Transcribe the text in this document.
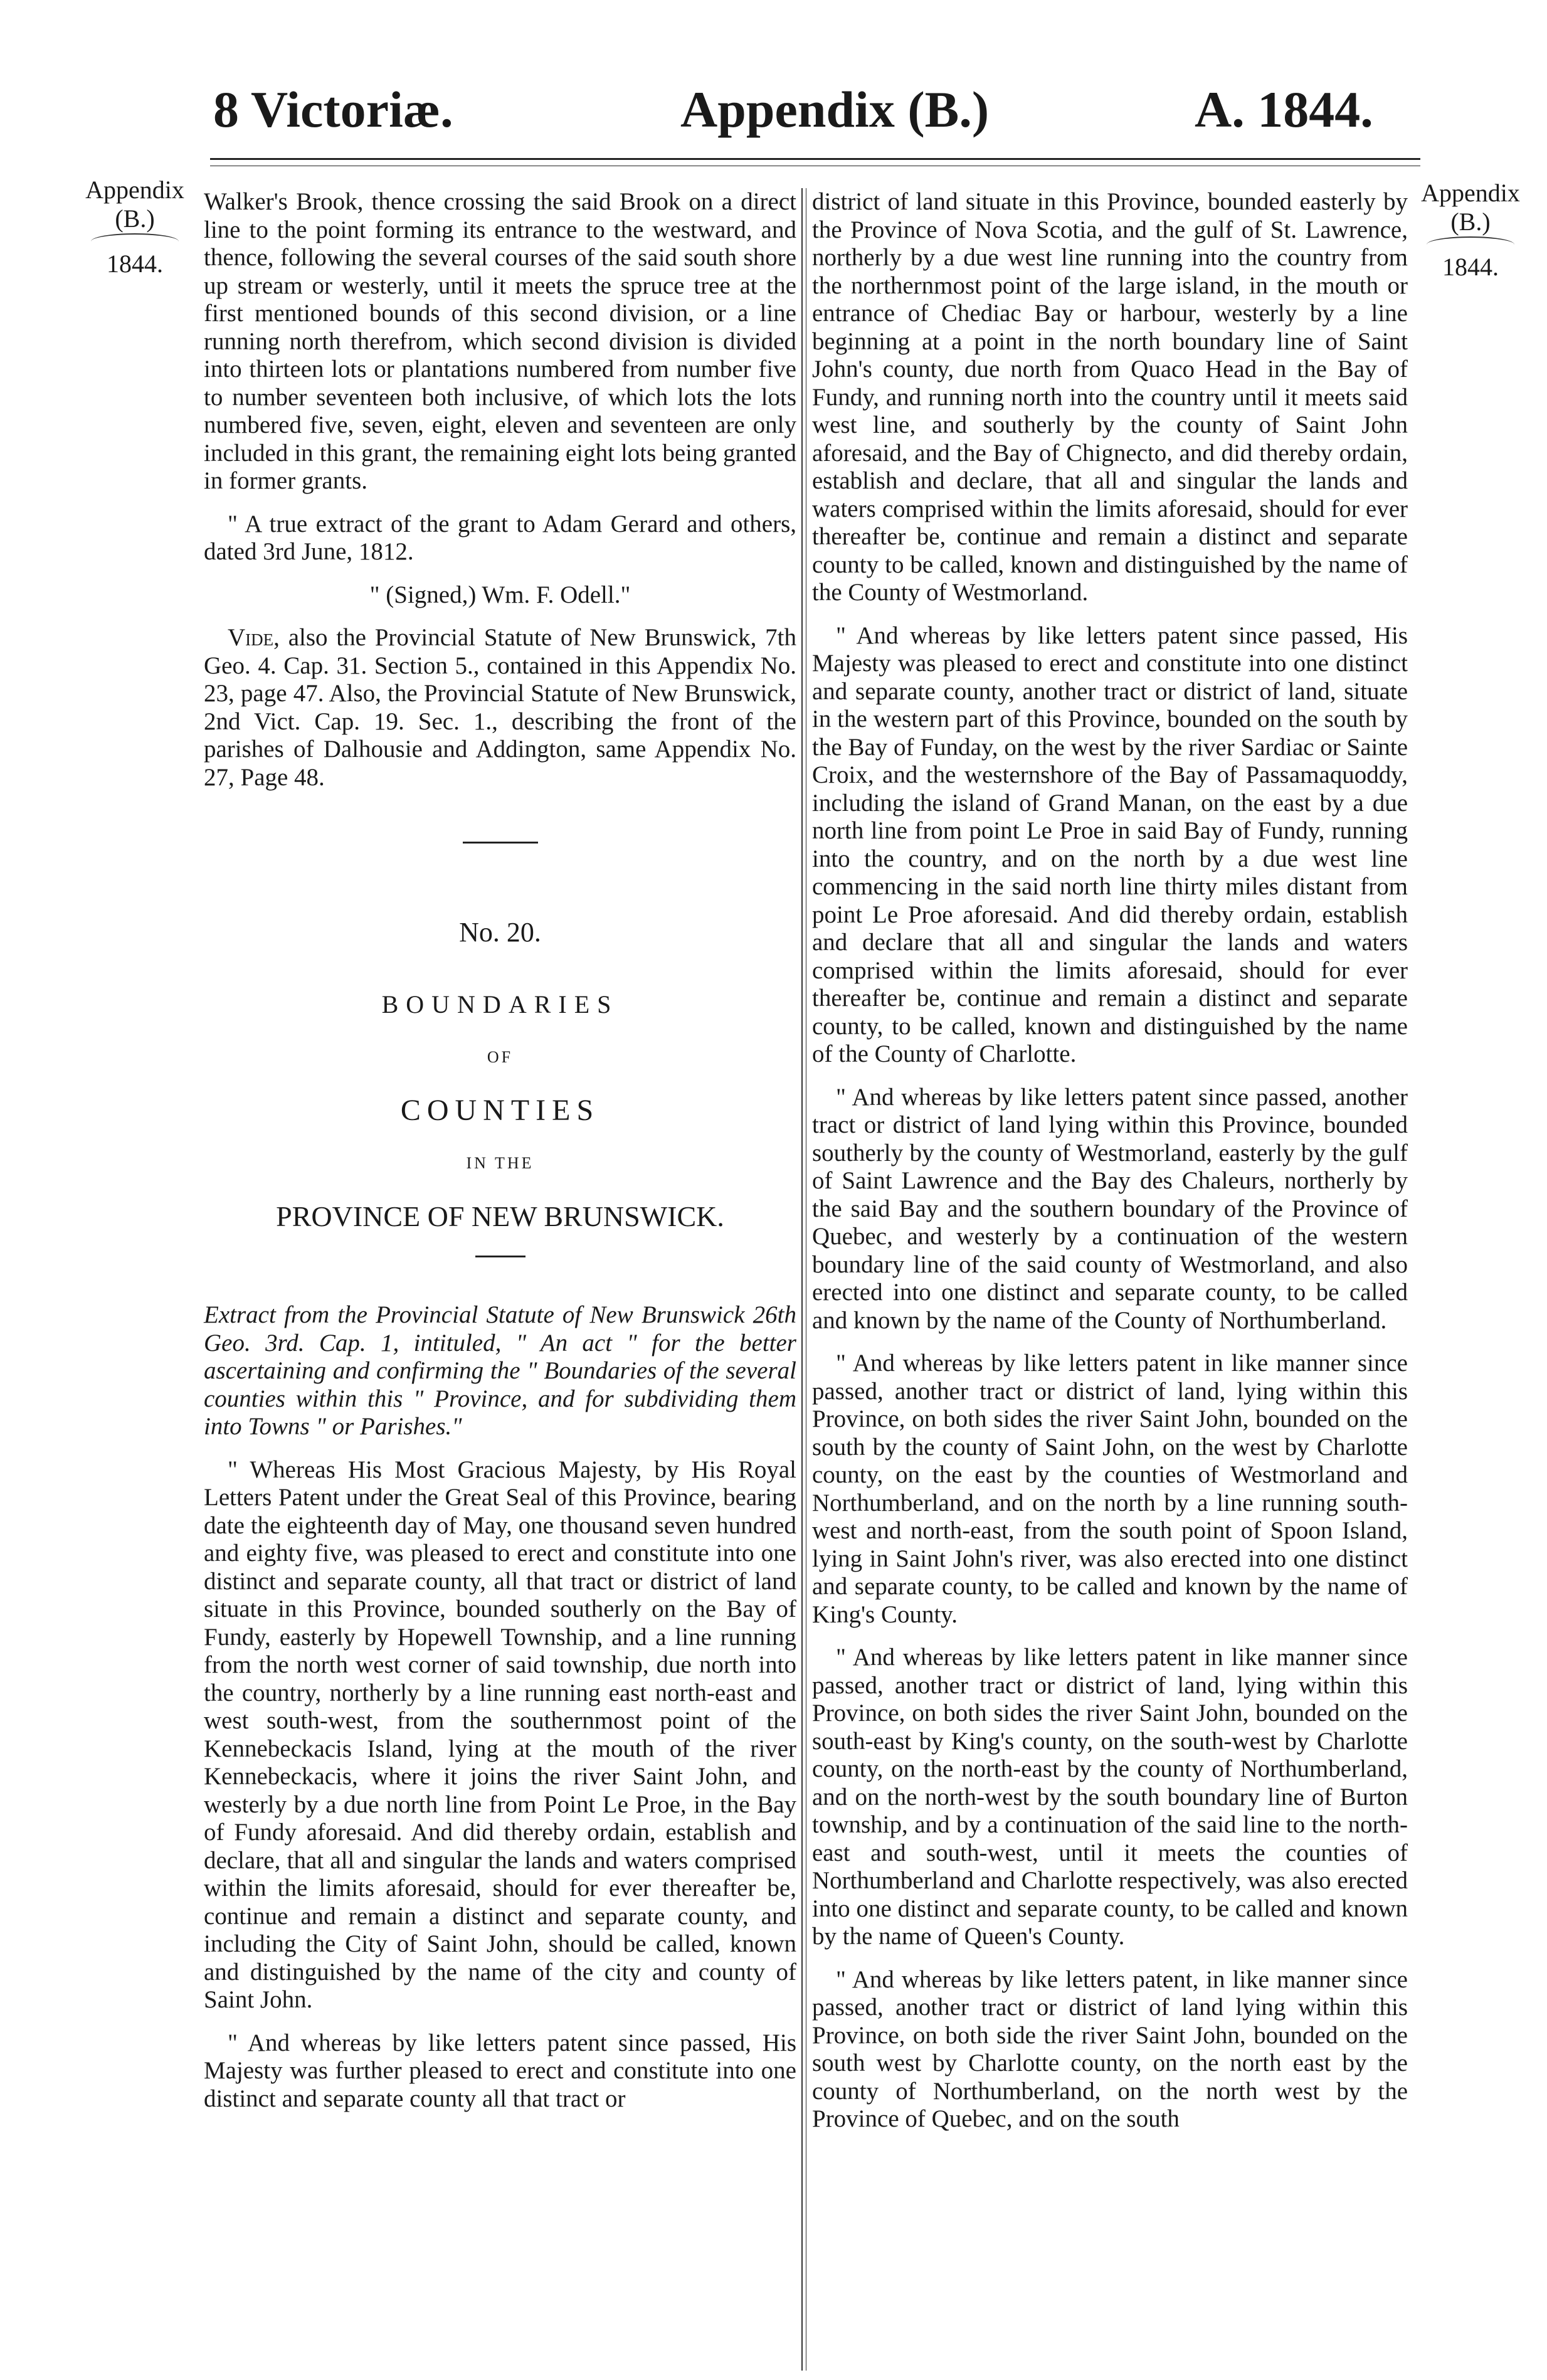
8 Victoriæ.	Appendix (B.)	A. 1844.
Appendix
(B.)
1844.
Appendix
(B.)
1844.

Walker's Brook, thence crossing the said Brook on a direct line to the point forming its entrance to the westward, and thence, following the several courses of the said south shore up stream or westerly, until it meets the spruce tree at the first mentioned bounds of this second division, or a line running north therefrom, which second division is divided into thirteen lots or plantations numbered from number five to number seventeen both inclusive, of which lots the lots numbered five, seven, eight, eleven and seventeen are only included in this grant, the remaining eight lots being granted in former grants.

" A true extract of the grant to Adam Gerard and others, dated 3rd June, 1812.

" (Signed,) Wm. F. Odell."

Vide, also the Provincial Statute of New Brunswick, 7th Geo. 4. Cap. 31. Section 5., contained in this Appendix No. 23, page 47. Also, the Provincial Statute of New Brunswick, 2nd Vict. Cap. 19. Sec. 1., describing the front of the parishes of Dalhousie and Addington, same Appendix No. 27, Page 48.

No. 20.
BOUNDARIES
OF
COUNTIES
IN THE
PROVINCE OF NEW BRUNSWICK.

Extract from the Provincial Statute of New Brunswick 26th Geo. 3rd. Cap. 1, intituled, " An act " for the better ascertaining and confirming the " Boundaries of the several counties within this " Province, and for subdividing them into Towns " or Parishes."

" Whereas His Most Gracious Majesty, by His Royal Letters Patent under the Great Seal of this Province, bearing date the eighteenth day of May, one thousand seven hundred and eighty five, was pleased to erect and constitute into one distinct and separate county, all that tract or district of land situate in this Province, bounded southerly on the Bay of Fundy, easterly by Hopewell Township, and a line running from the north west corner of said township, due north into the country, northerly by a line running east north-east and west south-west, from the southernmost point of the Kennebeckacis Island, lying at the mouth of the river Kennebeckacis, where it joins the river Saint John, and westerly by a due north line from Point Le Proe, in the Bay of Fundy aforesaid. And did thereby ordain, establish and declare, that all and singular the lands and waters comprised within the limits aforesaid, should for ever thereafter be, continue and remain a distinct and separate county, and including the City of Saint John, should be called, known and distinguished by the name of the city and county of Saint John.

" And whereas by like letters patent since passed, His Majesty was further pleased to erect and constitute into one distinct and separate county all that tract or

district of land situate in this Province, bounded easterly by the Province of Nova Scotia, and the gulf of St. Lawrence, northerly by a due west line running into the country from the northernmost point of the large island, in the mouth or entrance of Chediac Bay or harbour, westerly by a line beginning at a point in the north boundary line of Saint John's county, due north from Quaco Head in the Bay of Fundy, and running north into the country until it meets said west line, and southerly by the county of Saint John aforesaid, and the Bay of Chignecto, and did thereby ordain, establish and declare, that all and singular the lands and waters comprised within the limits aforesaid, should for ever thereafter be, continue and remain a distinct and separate county to be called, known and distinguished by the name of the County of Westmorland.

" And whereas by like letters patent since passed, His Majesty was pleased to erect and constitute into one distinct and separate county, another tract or district of land, situate in the western part of this Province, bounded on the south by the Bay of Funday, on the west by the river Sardiac or Sainte Croix, and the westernshore of the Bay of Passamaquoddy, including the island of Grand Manan, on the east by a due north line from point Le Proe in said Bay of Fundy, running into the country, and on the north by a due west line commencing in the said north line thirty miles distant from point Le Proe aforesaid. And did thereby ordain, establish and declare that all and singular the lands and waters comprised within the limits aforesaid, should for ever thereafter be, continue and remain a distinct and separate county, to be called, known and distinguished by the name of the County of Charlotte.

" And whereas by like letters patent since passed, another tract or district of land lying within this Province, bounded southerly by the county of Westmorland, easterly by the gulf of Saint Lawrence and the Bay des Chaleurs, northerly by the said Bay and the southern boundary of the Province of Quebec, and westerly by a continuation of the western boundary line of the said county of Westmorland, and also erected into one distinct and separate county, to be called and known by the name of the County of Northumberland.

" And whereas by like letters patent in like manner since passed, another tract or district of land, lying within this Province, on both sides the river Saint John, bounded on the south by the county of Saint John, on the west by Charlotte county, on the east by the counties of Westmorland and Northumberland, and on the north by a line running south-west and north-east, from the south point of Spoon Island, lying in Saint John's river, was also erected into one distinct and separate county, to be called and known by the name of King's County.

" And whereas by like letters patent in like manner since passed, another tract or district of land, lying within this Province, on both sides the river Saint John, bounded on the south-east by King's county, on the south-west by Charlotte county, on the north-east by the county of Northumberland, and on the north-west by the south boundary line of Burton township, and by a continuation of the said line to the north-east and south-west, until it meets the counties of Northumberland and Charlotte respectively, was also erected into one distinct and separate county, to be called and known by the name of Queen's County.

" And whereas by like letters patent, in like manner since passed, another tract or district of land lying within this Province, on both side the river Saint John, bounded on the south west by Charlotte county, on the north east by the county of Northumberland, on the north west by the Province of Quebec, and on the south
